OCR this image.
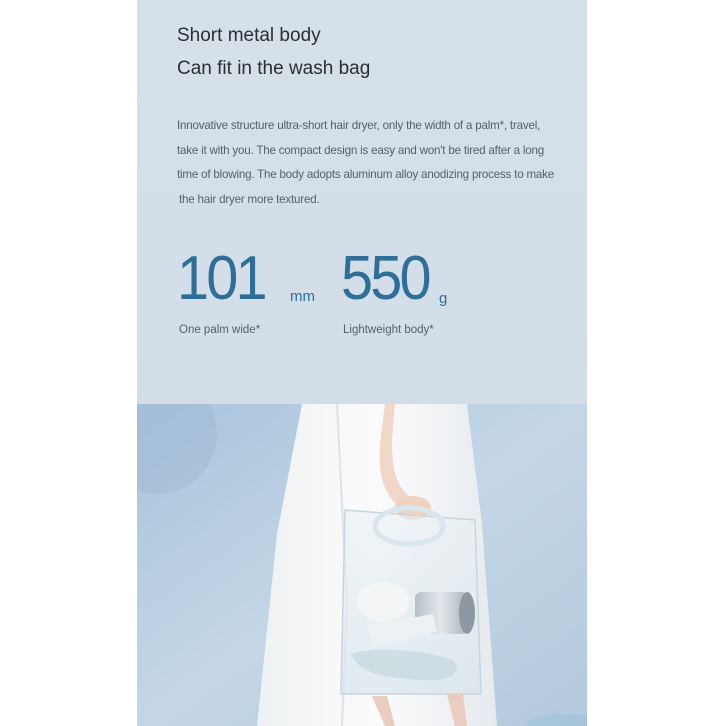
Short metal body
Can fit in the wash bag
Innovative structure ultra-short hair dryer, only the width of a palm*, travel,
take it with you. The compact design is easy and won't be tired after a long
time of blowing. The body adopts aluminum alloy anodizing process to make
the hair dryer more textured.
101 mm
One palm wide*
550 g
Lightweight body*
